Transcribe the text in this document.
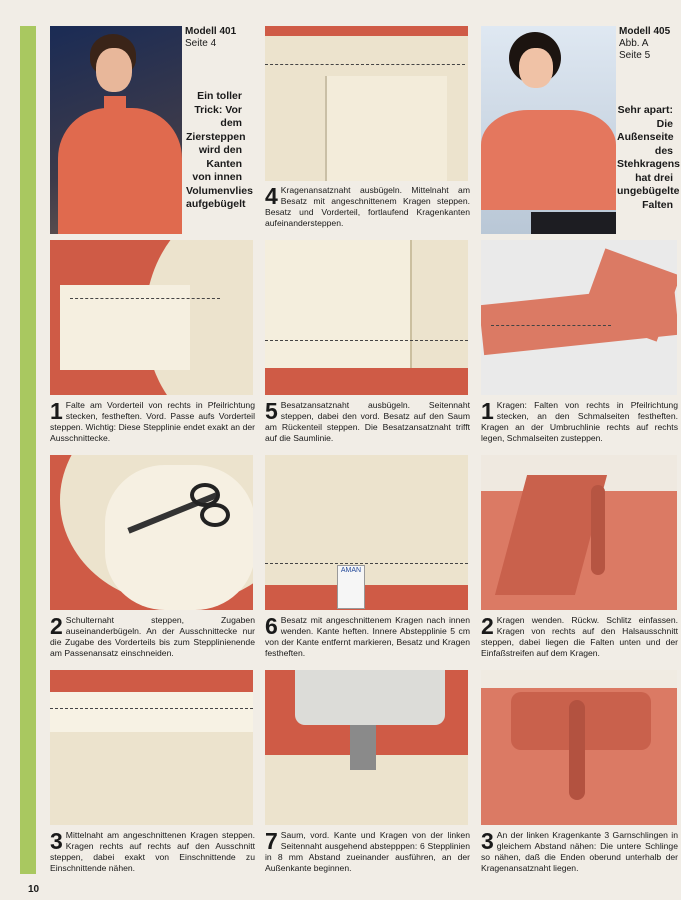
Modell 401
Seite 4
Ein toller Trick: Vor dem Ziersteppen wird den Kanten von innen Volumenvlies aufgebügelt 4 Kragenansatznaht ausbügeln. Mittelnaht am Besatz mit angeschnittenem Kragen steppen. Besatz und Vorderteil, fortlaufend Kragenkanten aufeinandersteppen.
Modell 405
Abb. A
Seite 5
Sehr apart: Die Außenseite des Stehkragens hat drei ungebügelte Falten
1 Falte am Vorderteil von rechts in Pfeilrichtung stecken, festheften. Vord. Passe aufs Vorderteil steppen. Wichtig: Diese Stepplinie endet exakt an der Ausschnittecke.
5 Besatzansatznaht ausbügeln. Seitennaht steppen, dabei den vord. Besatz auf den Saum am Rückenteil steppen. Die Besatzansatznaht trifft auf die Saumlinie.
1 Kragen: Falten von rechts in Pfeilrichtung stecken, an den Schmalseiten festheften. Kragen an der Umbruchlinie rechts auf rechts legen, Schmalseiten zusteppen.
2 Schulternaht steppen, Zugaben auseinanderbügeln. An der Ausschnittecke nur die Zugabe des Vorderteils bis zum Stepplinienende am Passenansatz einschneiden.
AMAN
6 Besatz mit angeschnittenem Kragen nach innen wenden. Kante heften. Innere Abstepplinie 5 cm von der Kante entfernt markieren, Besatz und Kragen festheften.
2 Kragen wenden. Rückw. Schlitz einfassen. Kragen von rechts auf den Halsausschnitt steppen, dabei liegen die Falten unten und der Einfaßstreifen auf dem Kragen.
3 Mittelnaht am angeschnittenen Kragen steppen. Kragen rechts auf rechts auf den Ausschnitt steppen, dabei exakt von Einschnittende zu Einschnittende nähen.
7 Saum, vord. Kante und Kragen von der linken Seitennaht ausgehend abstepppen: 6 Stepplinien in 8 mm Abstand zueinander ausführen, an der Außenkante beginnen.
3 An der linken Kragenkante 3 Garnschlingen in gleichem Abstand nähen: Die untere Schlinge so nähen, daß die Enden oberund unterhalb der Kragenansatznaht liegen.
10
